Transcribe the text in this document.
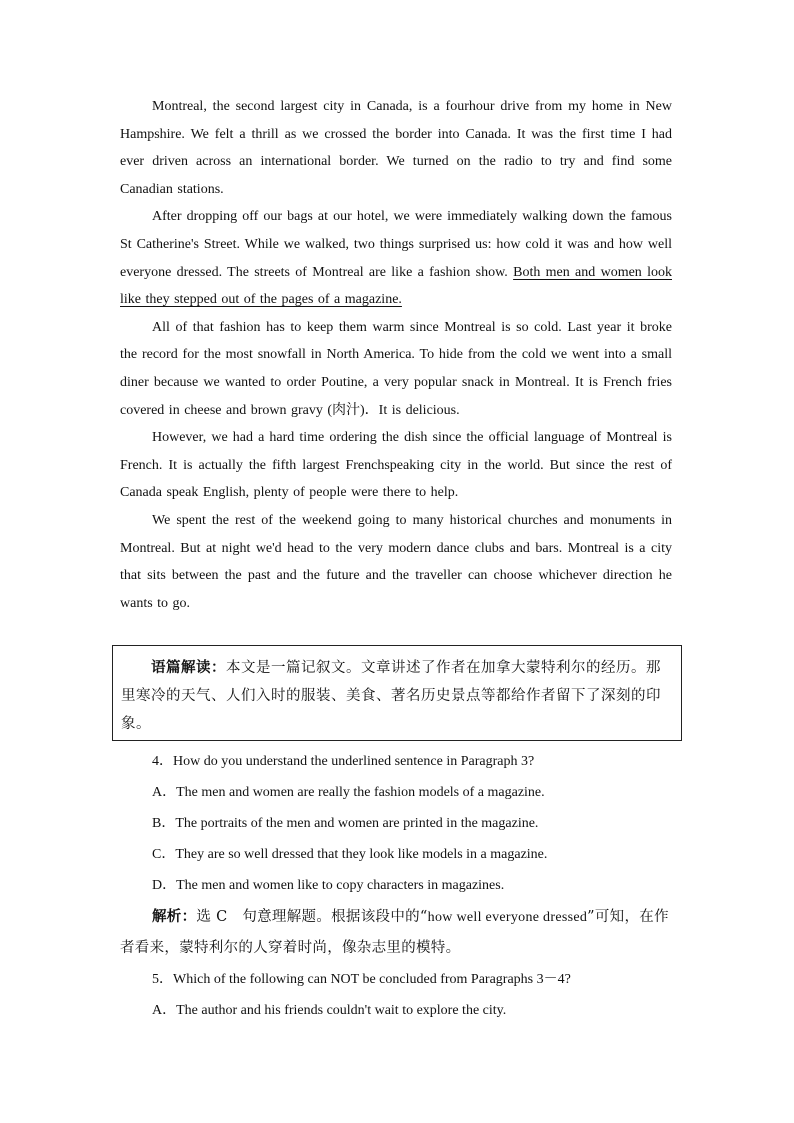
Montreal, the second largest city in Canada, is a fourhour drive from my home in New Hampshire. We felt a thrill as we crossed the border into Canada. It was the first time I had ever driven across an international border. We turned on the radio to try and find some Canadian stations.

After dropping off our bags at our hotel, we were immediately walking down the famous St Catherine's Street. While we walked, two things surprised us: how cold it was and how well everyone dressed. The streets of Montreal are like a fashion show. Both men and women look like they stepped out of the pages of a magazine.

All of that fashion has to keep them warm since Montreal is so cold. Last year it broke the record for the most snowfall in North America. To hide from the cold we went into a small diner because we wanted to order Poutine, a very popular snack in Montreal. It is French fries covered in cheese and brown gravy (肉汁)．It is delicious.

However, we had a hard time ordering the dish since the official language of Montreal is French. It is actually the fifth largest Frenchspeaking city in the world. But since the rest of Canada speak English, plenty of people were there to help.

We spent the rest of the weekend going to many historical churches and monuments in Montreal. But at night we'd head to the very modern dance clubs and bars. Montreal is a city that sits between the past and the future and the traveller can choose whichever direction he wants to go.

语篇解读：本文是一篇记叙文。文章讲述了作者在加拿大蒙特利尔的经历。那里寒冷的天气、人们入时的服装、美食、著名历史景点等都给作者留下了深刻的印象。

4．How do you understand the underlined sentence in Paragraph 3?

A．The men and women are really the fashion models of a magazine.

B．The portraits of the men and women are printed in the magazine.

C．They are so well dressed that they look like models in a magazine.

D．The men and women like to copy characters in magazines.

解析：选 C　句意理解题。根据该段中的“how well everyone dressed”可知，在作者看来，蒙特利尔的人穿着时尚，像杂志里的模特。

5．Which of the following can NOT be concluded from Paragraphs 3－4?

A．The author and his friends couldn't wait to explore the city.
